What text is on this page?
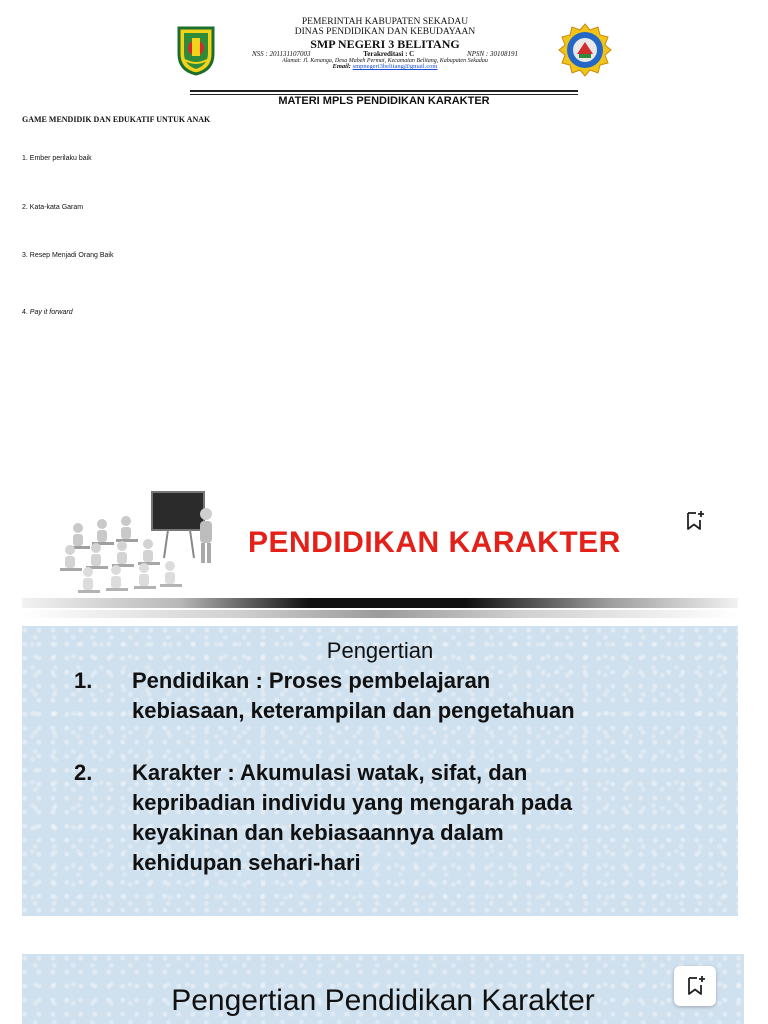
PEMERINTAH KABUPATEN SEKADAU
DINAS PENDIDIKAN DAN KEBUDAYAAN
SMP NEGERI 3 BELITANG
NSS : 201131107003	Terakreditasi : C	NPSN : 30108191
Alamat: Jl. Kenanga, Desa Mabeh Permai, Kecamatan Belitang, Kabupaten Sekadau
Email: smpnegeri3belitang@gmail.com
MATERI MPLS PENDIDIKAN KARAKTER
GAME MENDIDIK DAN EDUKATIF UNTUK ANAK
1. Ember perilaku baik
2. Kata-kata Garam
3. Resep Menjadi Orang Baik
4. Pay it forward
PENDIDIKAN KARAKTER
Pengertian
1. Pendidikan : Proses pembelajaran
kebiasaan, keterampilan dan pengetahuan
2. Karakter : Akumulasi watak, sifat, dan
kepribadian individu yang mengarah pada
keyakinan dan kebiasaannya dalam
kehidupan sehari-hari
Pengertian Pendidikan Karakter
